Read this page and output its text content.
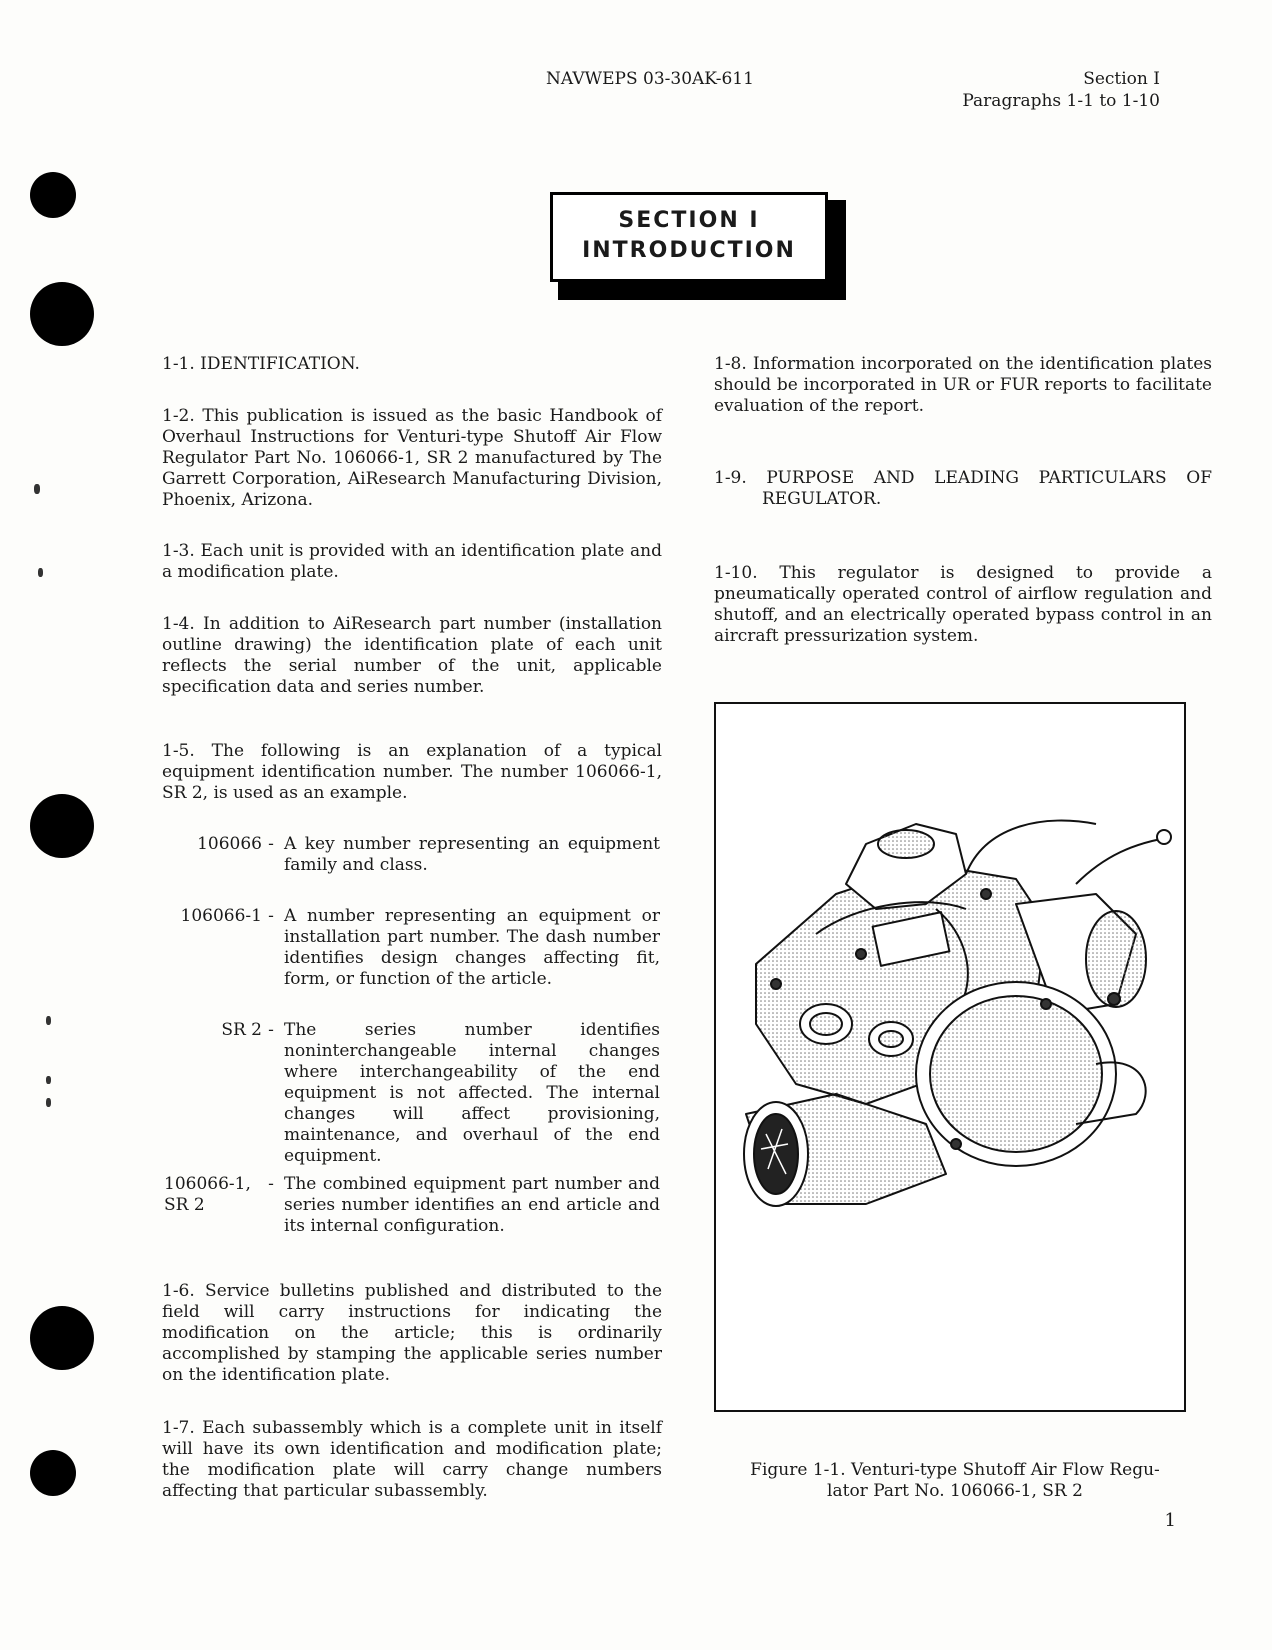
NAVWEPS 03-30AK-611	Section I
Paragraphs 1-1 to 1-10
SECTION I
INTRODUCTION

1-1. IDENTIFICATION.

1-2. This publication is issued as the basic Handbook of Overhaul Instructions for Venturi-type Shutoff Air Flow Regulator Part No. 106066-1, SR 2 manufactured by The Garrett Corporation, AiResearch Manufacturing Division, Phoenix, Arizona.

1-3. Each unit is provided with an identification plate and a modification plate.

1-4. In addition to AiResearch part number (installation outline drawing) the identification plate of each unit reflects the serial number of the unit, applicable specification data and series number.

1-5. The following is an explanation of a typical equipment identification number. The number 106066-1, SR 2, is used as an example.

106066 - A key number representing an equipment family and class.
106066-1 - A number representing an equipment or installation part number. The dash number identifies design changes affecting fit, form, or function of the article.
SR 2 - The series number identifies noninterchangeable internal changes where interchangeability of the end equipment is not affected. The internal changes will affect provisioning, maintenance, and overhaul of the end equipment.
106066-1,
SR 2
- The combined equipment part number and series number identifies an end article and its internal configuration.

1-6. Service bulletins published and distributed to the field will carry instructions for indicating the modification on the article; this is ordinarily accomplished by stamping the applicable series number on the identification plate.

1-7. Each subassembly which is a complete unit in itself will have its own identification and modification plate; the modification plate will carry change numbers affecting that particular subassembly.

1-8. Information incorporated on the identification plates should be incorporated in UR or FUR reports to facilitate evaluation of the report.

1-9. PURPOSE AND LEADING PARTICULARS OF
REGULATOR.

1-10. This regulator is designed to provide a pneumatically operated control of airflow regulation and shutoff, and an electrically operated bypass control in an aircraft pressurization system.

Figure 1-1. Venturi-type Shutoff Air Flow Regu-
lator Part No. 106066-1, SR 2
1
